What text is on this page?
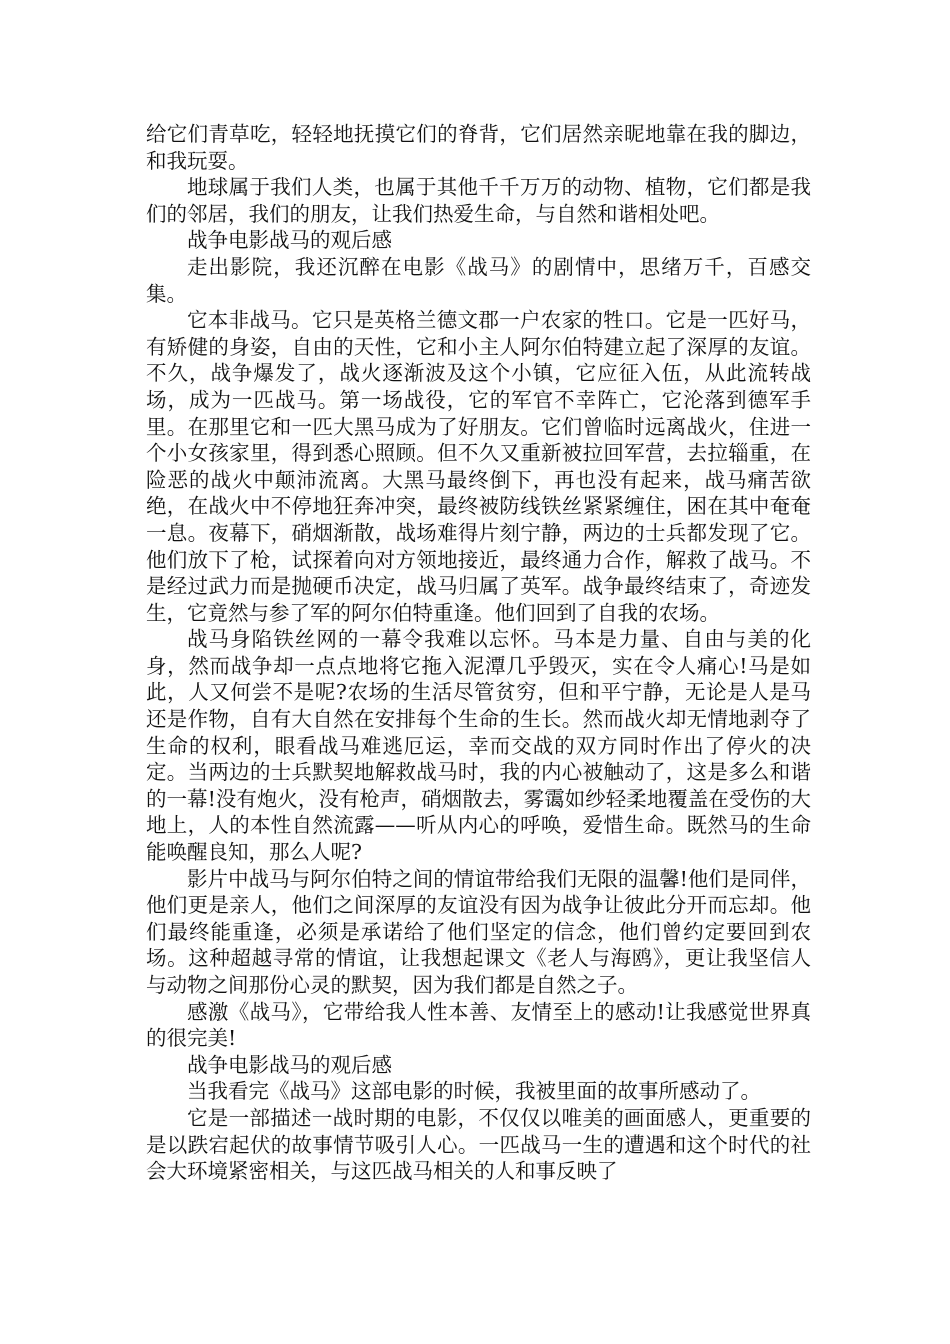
给它们青草吃，轻轻地抚摸它们的脊背，它们居然亲昵地靠在我的脚边，和我玩耍。

地球属于我们人类，也属于其他千千万万的动物、植物，它们都是我们的邻居，我们的朋友，让我们热爱生命，与自然和谐相处吧。

战争电影战马的观后感

走出影院，我还沉醉在电影《战马》的剧情中，思绪万千，百感交集。

它本非战马。它只是英格兰德文郡一户农家的牲口。它是一匹好马，有矫健的身姿，自由的天性，它和小主人阿尔伯特建立起了深厚的友谊。不久，战争爆发了，战火逐渐波及这个小镇，它应征入伍，从此流转战场，成为一匹战马。第一场战役，它的军官不幸阵亡，它沦落到德军手里。在那里它和一匹大黑马成为了好朋友。它们曾临时远离战火，住进一个小女孩家里，得到悉心照顾。但不久又重新被拉回军营，去拉辎重，在险恶的战火中颠沛流离。大黑马最终倒下，再也没有起来，战马痛苦欲绝，在战火中不停地狂奔冲突，最终被防线铁丝紧紧缠住，困在其中奄奄一息。夜幕下，硝烟渐散，战场难得片刻宁静，两边的士兵都发现了它。他们放下了枪，试探着向对方领地接近，最终通力合作，解救了战马。不是经过武力而是抛硬币决定，战马归属了英军。战争最终结束了，奇迹发生，它竟然与参了军的阿尔伯特重逢。他们回到了自我的农场。

战马身陷铁丝网的一幕令我难以忘怀。马本是力量、自由与美的化身，然而战争却一点点地将它拖入泥潭几乎毁灭，实在令人痛心!马是如此，人又何尝不是呢?农场的生活尽管贫穷，但和平宁静，无论是人是马还是作物，自有大自然在安排每个生命的生长。然而战火却无情地剥夺了生命的权利，眼看战马难逃厄运，幸而交战的双方同时作出了停火的决定。当两边的士兵默契地解救战马时，我的内心被触动了，这是多么和谐的一幕!没有炮火，没有枪声，硝烟散去，雾霭如纱轻柔地覆盖在受伤的大地上，人的本性自然流露——听从内心的呼唤，爱惜生命。既然马的生命能唤醒良知，那么人呢?

影片中战马与阿尔伯特之间的情谊带给我们无限的温馨!他们是同伴，他们更是亲人，他们之间深厚的友谊没有因为战争让彼此分开而忘却。他们最终能重逢，必须是承诺给了他们坚定的信念，他们曾约定要回到农场。这种超越寻常的情谊，让我想起课文《老人与海鸥》，更让我坚信人与动物之间那份心灵的默契，因为我们都是自然之子。

感激《战马》，它带给我人性本善、友情至上的感动!让我感觉世界真的很完美!

战争电影战马的观后感

当我看完《战马》这部电影的时候，我被里面的故事所感动了。

它是一部描述一战时期的电影，不仅仅以唯美的画面感人，更重要的是以跌宕起伏的故事情节吸引人心。一匹战马一生的遭遇和这个时代的社会大环境紧密相关，与这匹战马相关的人和事反映了
